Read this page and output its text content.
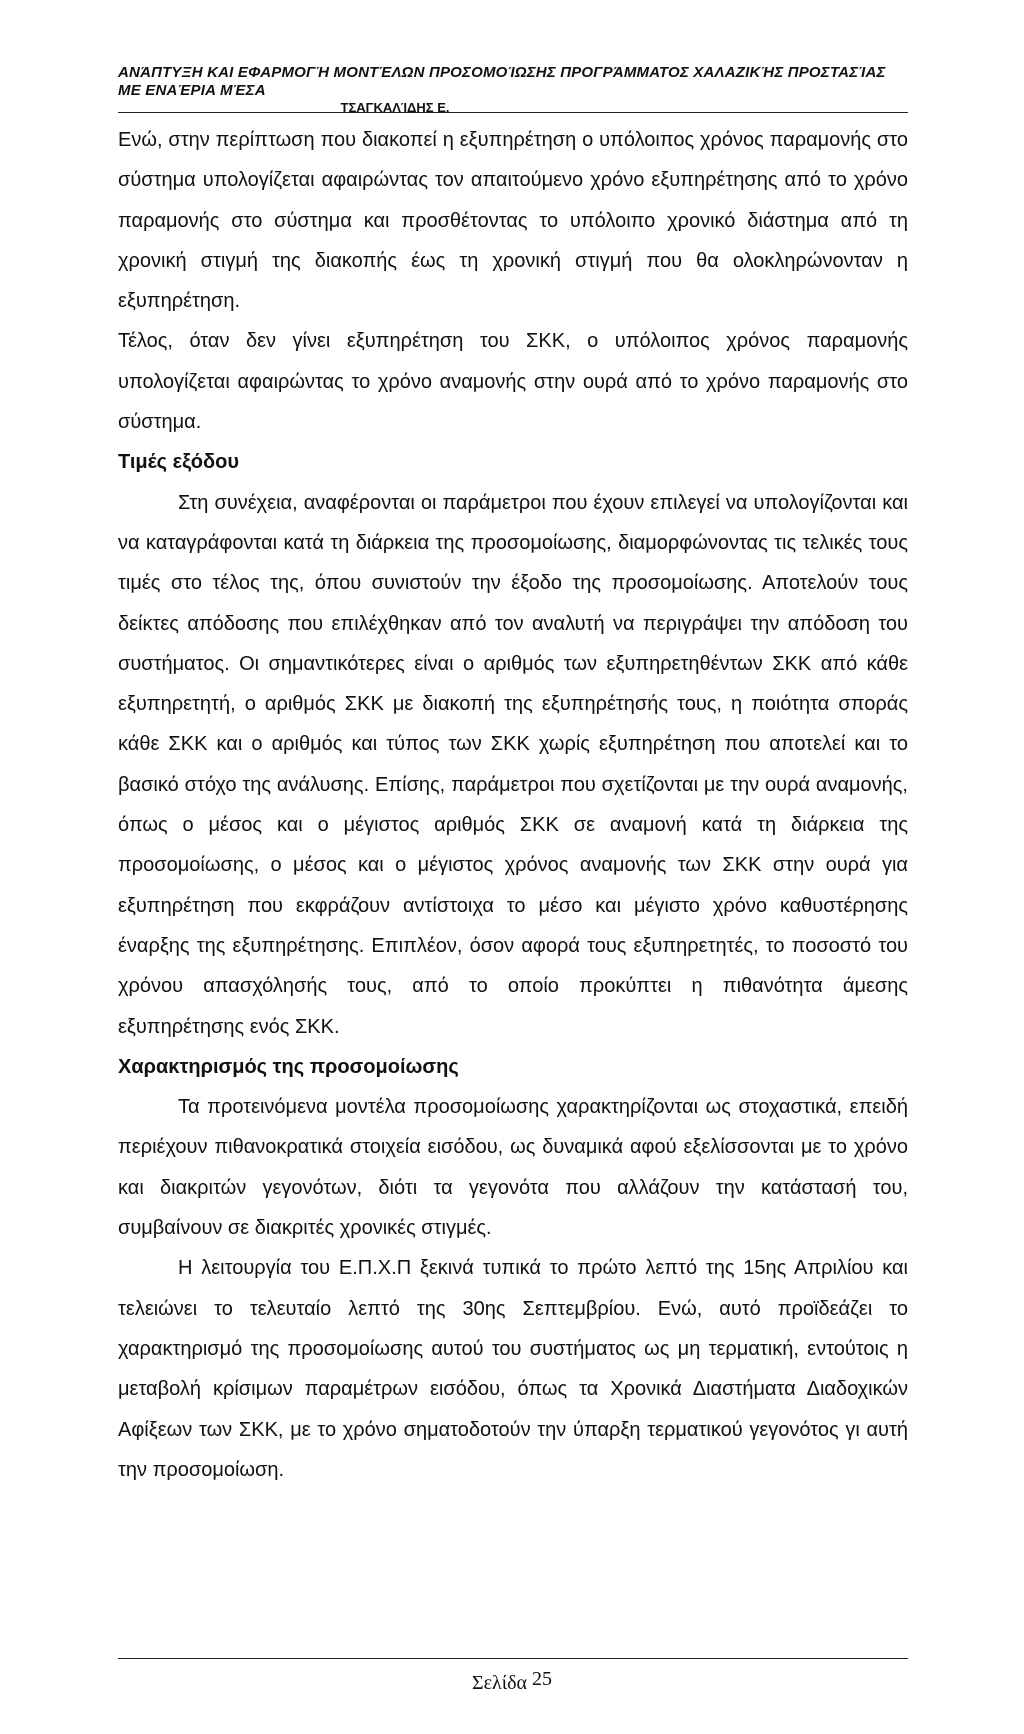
ΑΝΆΠΤΥΞΗ ΚΑΙ ΕΦΑΡΜΟΓΉ ΜΟΝΤΈΛΩΝ ΠΡΟΣΟΜΟΊΩΣΗΣ ΠΡΟΓΡΆΜΜΑΤΟΣ ΧΑΛΑΖΙΚΉΣ ΠΡΟΣΤΑΣΊΑΣ ΜΕ ΕΝΑΈΡΙΑ ΜΈΣΑ
ΤΣΑΓΚΑΛΊΔΗΣ Ε.

Ενώ, στην περίπτωση που διακοπεί η εξυπηρέτηση ο υπόλοιπος χρόνος παραμονής στο σύστημα υπολογίζεται αφαιρώντας τον απαιτούμενο χρόνο εξυπηρέτησης από το χρόνο παραμονής στο σύστημα και προσθέτοντας το υπόλοιπο χρονικό διάστημα από τη χρονική στιγμή της διακοπής έως τη χρονική στιγμή που θα ολοκληρώνονταν η εξυπηρέτηση.

Τέλος, όταν δεν γίνει εξυπηρέτηση του ΣΚΚ, ο υπόλοιπος χρόνος παραμονής υπολογίζεται αφαιρώντας το χρόνο αναμονής στην ουρά από το χρόνο παραμονής στο σύστημα.

Τιμές εξόδου

Στη συνέχεια, αναφέρονται οι παράμετροι που έχουν επιλεγεί να υπολογίζονται και να καταγράφονται κατά τη διάρκεια της προσομοίωσης, διαμορφώνοντας τις τελικές τους τιμές στο τέλος της, όπου συνιστούν την έξοδο της προσομοίωσης. Αποτελούν τους δείκτες απόδοσης που επιλέχθηκαν από τον αναλυτή να περιγράψει την απόδοση του συστήματος. Οι σημαντικότερες είναι ο αριθμός των εξυπηρετηθέντων ΣΚΚ από κάθε εξυπηρετητή, ο αριθμός ΣΚΚ με διακοπή της εξυπηρέτησής τους, η ποιότητα σποράς κάθε ΣΚΚ και ο αριθμός και τύπος των ΣΚΚ χωρίς εξυπηρέτηση που αποτελεί και το βασικό στόχο της ανάλυσης. Επίσης, παράμετροι που σχετίζονται με την ουρά αναμονής, όπως ο μέσος και ο μέγιστος αριθμός ΣΚΚ σε αναμονή κατά τη διάρκεια της προσομοίωσης, ο μέσος και ο μέγιστος χρόνος αναμονής των ΣΚΚ στην ουρά για εξυπηρέτηση που εκφράζουν αντίστοιχα το μέσο και μέγιστο χρόνο καθυστέρησης έναρξης της εξυπηρέτησης. Επιπλέον, όσον αφορά τους εξυπηρετητές, το ποσοστό του χρόνου απασχόλησής τους, από το οποίο προκύπτει η πιθανότητα άμεσης εξυπηρέτησης ενός ΣΚΚ.

Χαρακτηρισμός της προσομοίωσης

Τα προτεινόμενα μοντέλα προσομοίωσης χαρακτηρίζονται ως στοχαστικά, επειδή περιέχουν πιθανοκρατικά στοιχεία εισόδου, ως δυναμικά αφού εξελίσσονται με το χρόνο και διακριτών γεγονότων, διότι τα γεγονότα που αλλάζουν την κατάστασή του, συμβαίνουν σε διακριτές χρονικές στιγμές.

Η λειτουργία του Ε.Π.Χ.Π ξεκινά τυπικά το πρώτο λεπτό της 15ης Απριλίου και τελειώνει το τελευταίο λεπτό της 30ης Σεπτεμβρίου. Ενώ, αυτό προϊδεάζει το χαρακτηρισμό της προσομοίωσης αυτού του συστήματος ως μη τερματική, εντούτοις η μεταβολή κρίσιμων παραμέτρων εισόδου, όπως τα Χρονικά Διαστήματα Διαδοχικών Αφίξεων των ΣΚΚ, με το χρόνο σηματοδοτούν την ύπαρξη τερματικού γεγονότος γι αυτή την προσομοίωση.

Σελίδα $^{25}$
